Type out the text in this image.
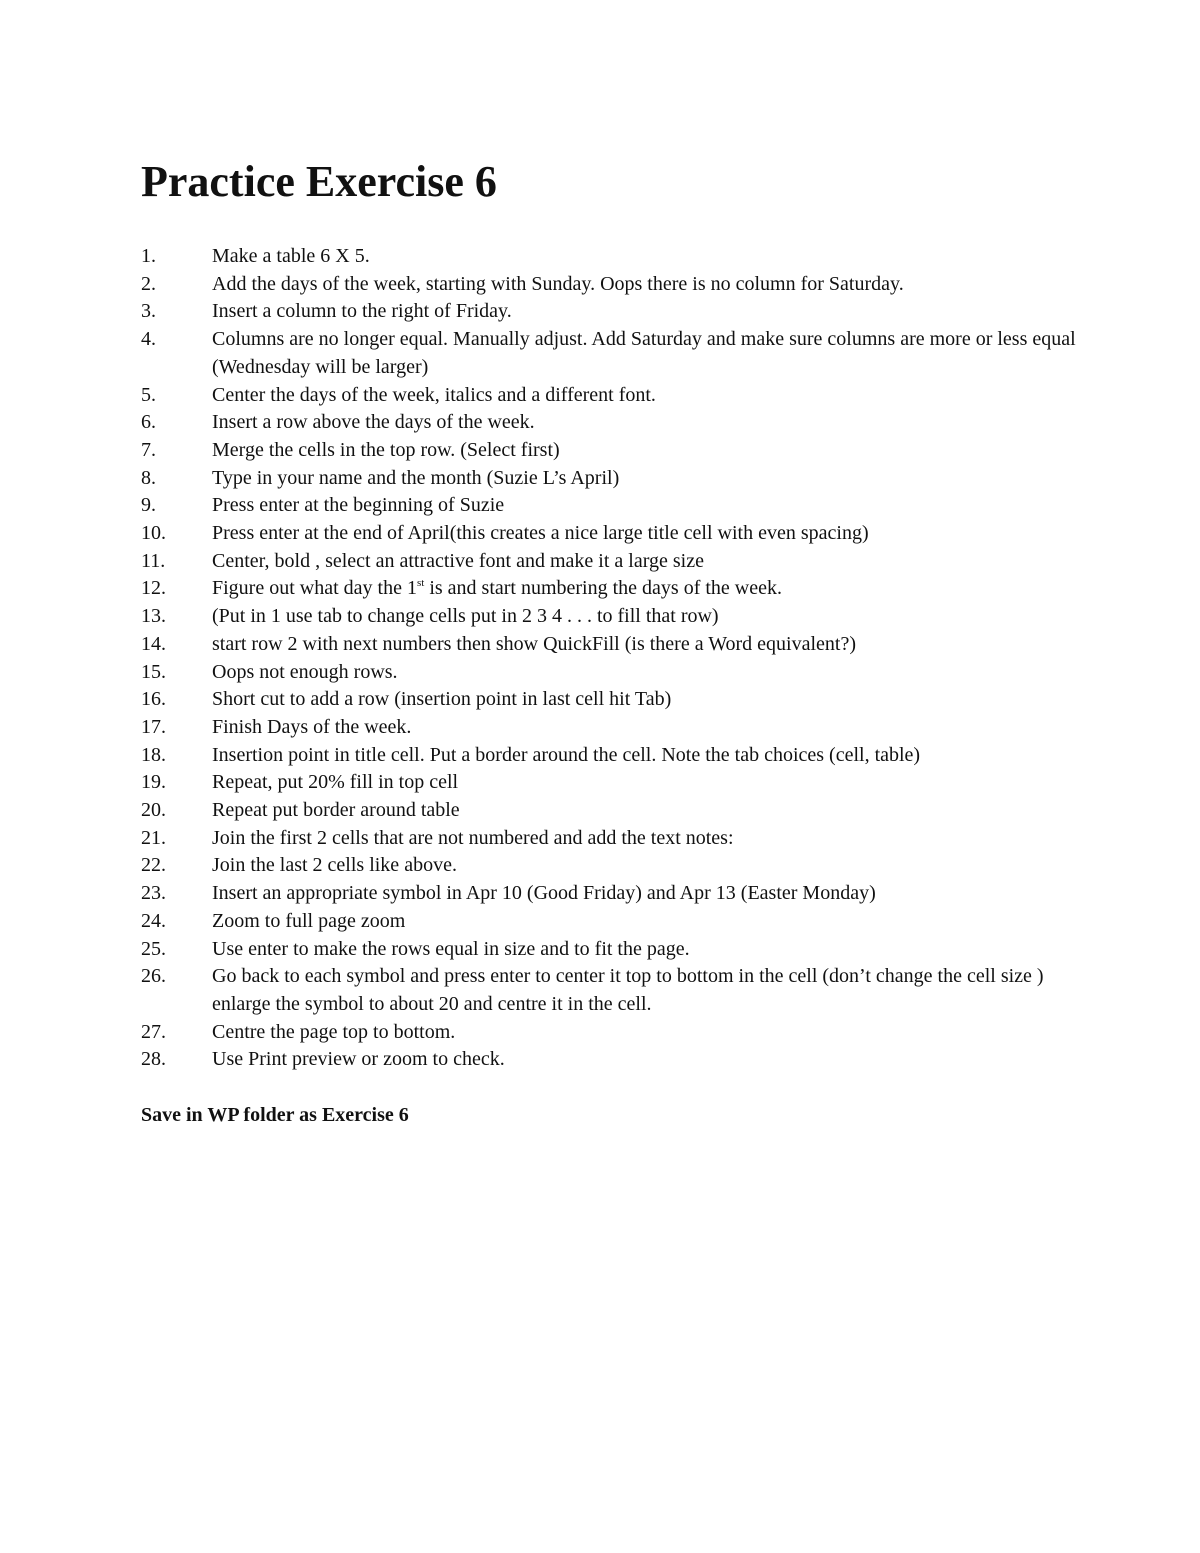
Practice Exercise 6
1.	Make a table 6 X 5.
2.	Add the days of the week, starting with Sunday. Oops there is no column for Saturday.
3.	Insert a column to the right of Friday.
4.	Columns are no longer equal. Manually adjust. Add Saturday and make sure columns are more or less equal (Wednesday will be larger)
5.	Center the days of the week, italics and a different font.
6.	Insert a row above the days of the week.
7.	Merge the cells in the top row. (Select first)
8.	Type in your name and the month (Suzie L’s April)
9.	Press enter at the beginning of Suzie
10.	Press enter at the end of April(this creates a nice large title cell with even spacing)
11.	Center, bold , select an attractive font and make it a large size
12.	Figure out what day the 1st is and start numbering the days of the week.
13.	(Put in 1 use tab to change cells put in 2 3 4 . . . to fill that row)
14.	start row 2 with next numbers then show QuickFill (is there a Word equivalent?)
15.	Oops not enough rows.
16.	Short cut to add a row (insertion point in last cell hit Tab)
17.	Finish Days of the week.
18.	Insertion point in title cell. Put a border around the cell. Note the tab choices (cell, table)
19.	Repeat, put 20% fill in top cell
20.	Repeat put border around table
21.	Join the first 2 cells that are not numbered and add the text notes:
22.	Join the last 2 cells like above.
23.	Insert an appropriate symbol in Apr 10 (Good Friday) and Apr 13 (Easter Monday)
24.	Zoom to full page zoom
25.	Use enter to make the rows equal in size and to fit the page.
26.	Go back to each symbol and press enter to center it top to bottom in the cell (don’t change the cell size ) enlarge the symbol to about 20 and centre it in the cell.
27.	Centre the page top to bottom.
28.	Use Print preview or zoom to check.

Save in WP folder as Exercise 6
